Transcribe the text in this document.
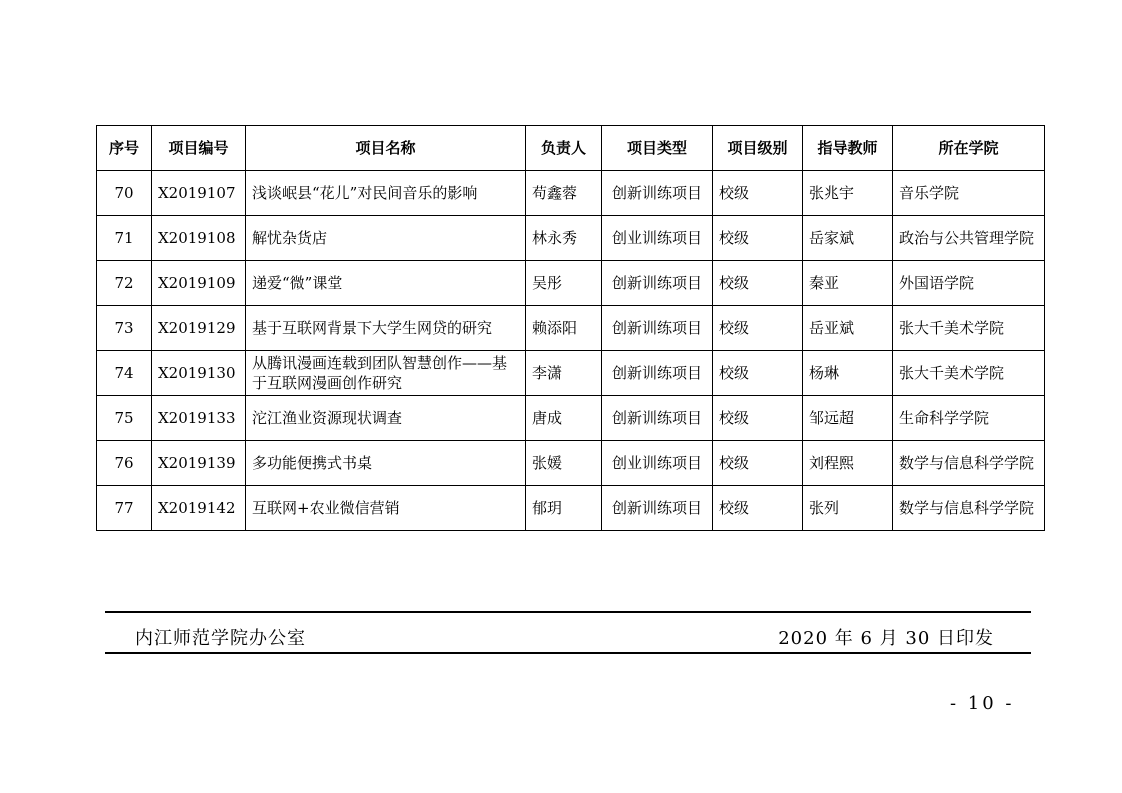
序号	项目编号	项目名称	负责人	项目类型	项目级别	指导教师	所在学院
70	X2019107	浅谈岷县“花儿”对民间音乐的影响	苟鑫蓉	创新训练项目	校级	张兆宇	音乐学院
71	X2019108	解忧杂货店	林永秀	创业训练项目	校级	岳家斌	政治与公共管理学院
72	X2019109	递爱“微”课堂	吴彤	创新训练项目	校级	秦亚	外国语学院
73	X2019129	基于互联网背景下大学生网贷的研究	赖添阳	创新训练项目	校级	岳亚斌	张大千美术学院
74	X2019130	从腾讯漫画连载到团队智慧创作——基于互联网漫画创作研究	李潇	创新训练项目	校级	杨琳	张大千美术学院
75	X2019133	沱江渔业资源现状调查	唐成	创新训练项目	校级	邹远超	生命科学学院
76	X2019139	多功能便携式书桌	张媛	创业训练项目	校级	刘程熙	数学与信息科学学院
77	X2019142	互联网+农业微信营销	郁玥	创新训练项目	校级	张列	数学与信息科学学院
内江师范学院办公室	2020 年 6 月 30 日印发
- 10 -
